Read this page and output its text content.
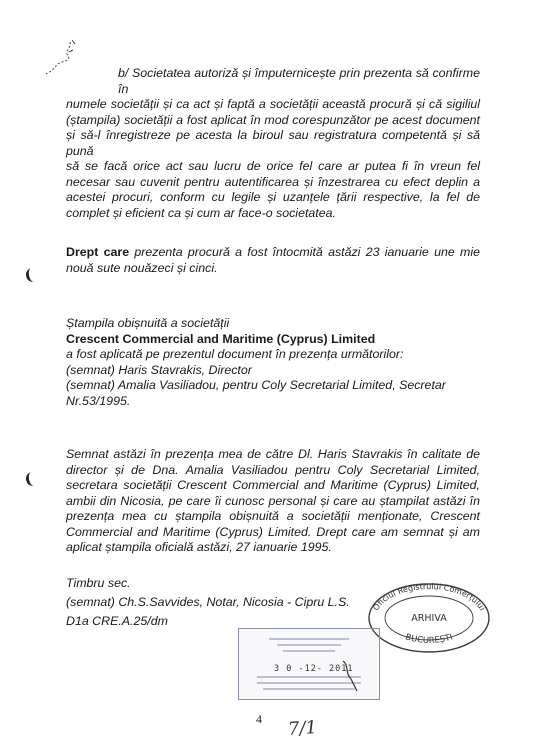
b/ Societatea autoriză și împuternicește prin prezenta să confirme în
numele societății și ca act și faptă a societății această procură și că sigiliul
(ștampila) societății a fost aplicat în mod corespunzător pe acest document
și să-l înregistreze pe acesta la biroul sau registratura competentă și să pună
să se facă orice act sau lucru de orice fel care ar putea fi în vreun fel
necesar sau cuvenit pentru autentificarea și înzestrarea cu efect deplin a
acestei procuri, conform cu legile și uzanțele țării respective, la fel de
complet și eficient ca și cum ar face-o societatea.
Drept care prezenta procură a fost întocmită astăzi 23 ianuarie une mie
nouă sute nouăzeci și cinci.
Ștampila obișnuită a societății
Crescent Commercial and Maritime (Cyprus) Limited
a fost aplicată pe prezentul document în prezența următorilor:
(semnat) Haris Stavrakis, Director
(semnat) Amalia Vasiliadou, pentru Coly Secretarial Limited, Secretar
Nr.53/1995.
Semnat astăzi în prezența mea de către Dl. Haris Stavrakis în calitate de
director și de Dna. Amalia Vasiliadou pentru Coly Secretarial Limited,
secretara societății Crescent Commercial and Maritime (Cyprus) Limited,
ambii din Nicosia, pe care îi cunosc personal și care au ștampilat astăzi în
prezența mea cu ștampila obișnuită a societății menționate, Crescent
Commercial and Maritime (Cyprus) Limited. Drept care am semnat și am
aplicat ștampila oficială astăzi, 27 ianuarie 1995.
Timbru sec.
(semnat) Ch.S.Savvides, Notar, Nicosia - Cipru L.S.
D1a CRE.A.25/dm
Oficiul Registrului Comerțului
ARHIVA
BUCUREȘTI
3 0 -12- 2011
4 7/1
